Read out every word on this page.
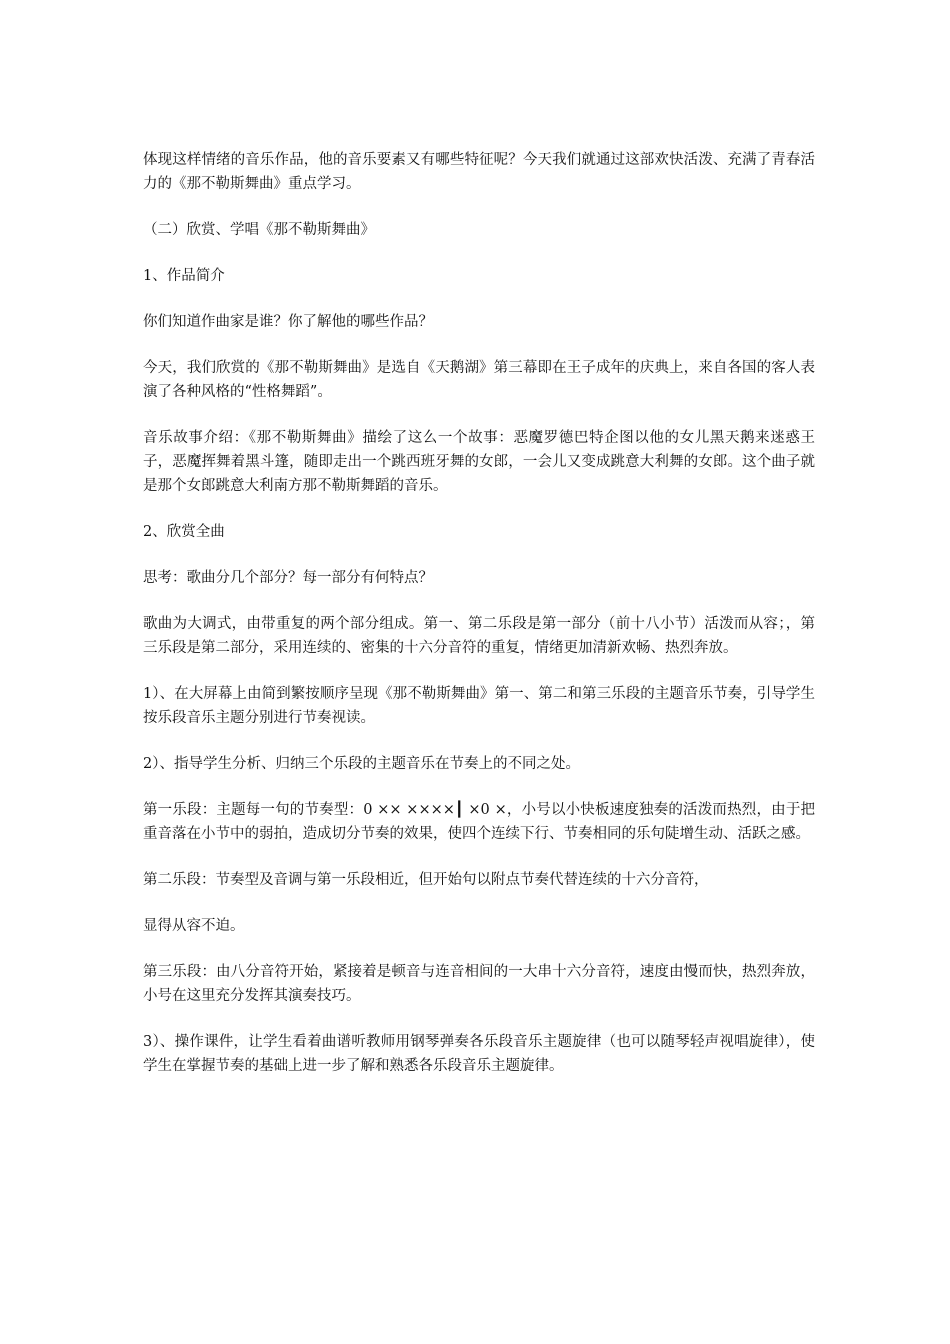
体现这样情绪的音乐作品，他的音乐要素又有哪些特征呢？今天我们就通过这部欢快活泼、充满了青春活力的《那不勒斯舞曲》重点学习。

（二）欣赏、学唱《那不勒斯舞曲》

1、作品简介

你们知道作曲家是谁？你了解他的哪些作品？

今天，我们欣赏的《那不勒斯舞曲》是选自《天鹅湖》第三幕即在王子成年的庆典上，来自各国的客人表演了各种风格的“性格舞蹈”。

音乐故事介绍：《那不勒斯舞曲》描绘了这么一个故事：恶魔罗德巴特企图以他的女儿黑天鹅来迷惑王子，恶魔挥舞着黑斗篷，随即走出一个跳西班牙舞的女郎，一会儿又变成跳意大利舞的女郎。这个曲子就是那个女郎跳意大利南方那不勒斯舞蹈的音乐。

2、欣赏全曲

思考：歌曲分几个部分？每一部分有何特点？

歌曲为大调式，由带重复的两个部分组成。第一、第二乐段是第一部分（前十八小节）活泼而从容；，第三乐段是第二部分，采用连续的、密集的十六分音符的重复，情绪更加清新欢畅、热烈奔放。

1）、在大屏幕上由简到繁按顺序呈现《那不勒斯舞曲》第一、第二和第三乐段的主题音乐节奏，引导学生按乐段音乐主题分别进行节奏视读。

2）、指导学生分析、归纳三个乐段的主题音乐在节奏上的不同之处。

第一乐段：主题每一句的节奏型：0 ×× ××××┃ ×0 ×，小号以小快板速度独奏的活泼而热烈，由于把重音落在小节中的弱拍，造成切分节奏的效果，使四个连续下行、节奏相同的乐句陡增生动、活跃之感。

第二乐段：节奏型及音调与第一乐段相近，但开始句以附点节奏代替连续的十六分音符，

显得从容不迫。

第三乐段：由八分音符开始，紧接着是顿音与连音相间的一大串十六分音符，速度由慢而快，热烈奔放，小号在这里充分发挥其演奏技巧。

3）、操作课件，让学生看着曲谱听教师用钢琴弹奏各乐段音乐主题旋律（也可以随琴轻声视唱旋律），使学生在掌握节奏的基础上进一步了解和熟悉各乐段音乐主题旋律。
